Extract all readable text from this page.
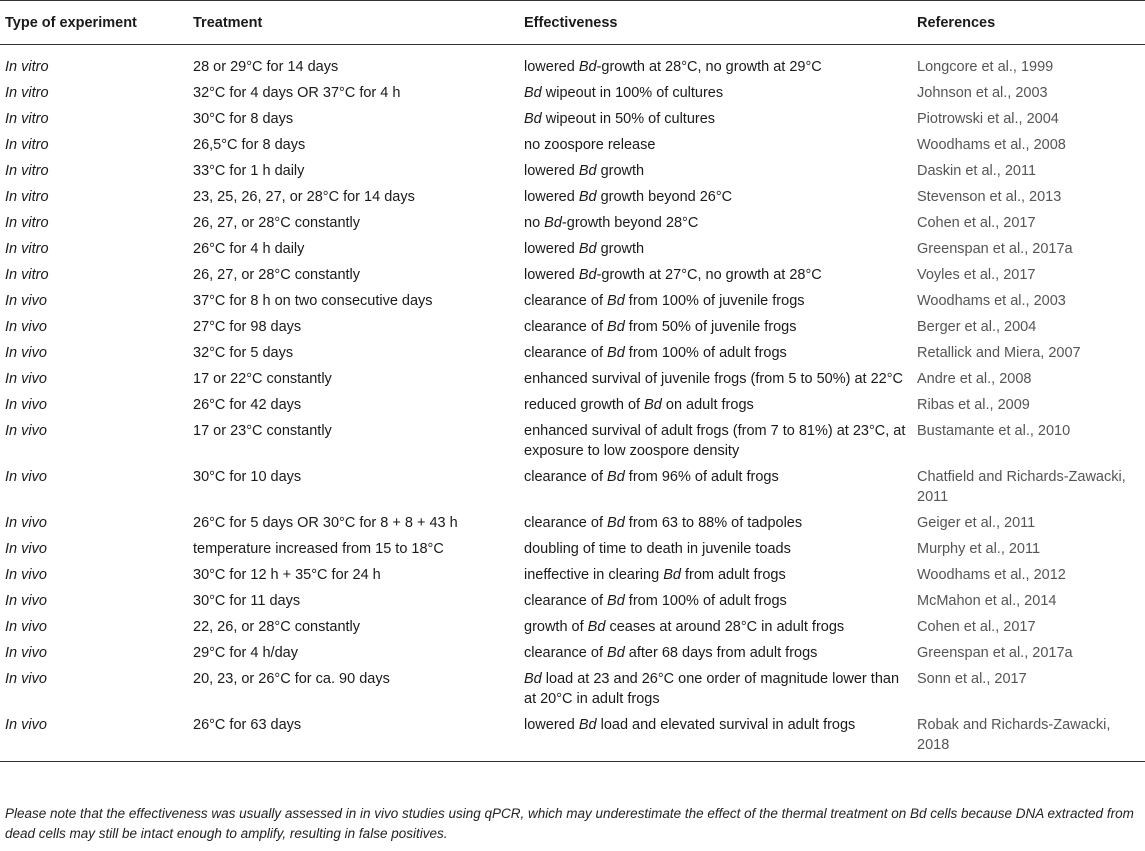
Type of experiment	Treatment	Effectiveness	References
In vitro	28 or 29°C for 14 days	lowered Bd-growth at 28°C, no growth at 29°C	Longcore et al., 1999
In vitro	32°C for 4 days OR 37°C for 4 h	Bd wipeout in 100% of cultures	Johnson et al., 2003
In vitro	30°C for 8 days	Bd wipeout in 50% of cultures	Piotrowski et al., 2004
In vitro	26,5°C for 8 days	no zoospore release	Woodhams et al., 2008
In vitro	33°C for 1 h daily	lowered Bd growth	Daskin et al., 2011
In vitro	23, 25, 26, 27, or 28°C for 14 days	lowered Bd growth beyond 26°C	Stevenson et al., 2013
In vitro	26, 27, or 28°C constantly	no Bd-growth beyond 28°C	Cohen et al., 2017
In vitro	26°C for 4 h daily	lowered Bd growth	Greenspan et al., 2017a
In vitro	26, 27, or 28°C constantly	lowered Bd-growth at 27°C, no growth at 28°C	Voyles et al., 2017
In vivo	37°C for 8 h on two consecutive days	clearance of Bd from 100% of juvenile frogs	Woodhams et al., 2003
In vivo	27°C for 98 days	clearance of Bd from 50% of juvenile frogs	Berger et al., 2004
In vivo	32°C for 5 days	clearance of Bd from 100% of adult frogs	Retallick and Miera, 2007
In vivo	17 or 22°C constantly	enhanced survival of juvenile frogs (from 5 to 50%) at 22°C	Andre et al., 2008
In vivo	26°C for 42 days	reduced growth of Bd on adult frogs	Ribas et al., 2009
In vivo	17 or 23°C constantly	enhanced survival of adult frogs (from 7 to 81%) at 23°C, at exposure to low zoospore density	Bustamante et al., 2010
In vivo	30°C for 10 days	clearance of Bd from 96% of adult frogs	Chatfield and Richards-Zawacki, 2011
In vivo	26°C for 5 days OR 30°C for 8 + 8 + 43 h	clearance of Bd from 63 to 88% of tadpoles	Geiger et al., 2011
In vivo	temperature increased from 15 to 18°C	doubling of time to death in juvenile toads	Murphy et al., 2011
In vivo	30°C for 12 h + 35°C for 24 h	ineffective in clearing Bd from adult frogs	Woodhams et al., 2012
In vivo	30°C for 11 days	clearance of Bd from 100% of adult frogs	McMahon et al., 2014
In vivo	22, 26, or 28°C constantly	growth of Bd ceases at around 28°C in adult frogs	Cohen et al., 2017
In vivo	29°C for 4 h/day	clearance of Bd after 68 days from adult frogs	Greenspan et al., 2017a
In vivo	20, 23, or 26°C for ca. 90 days	Bd load at 23 and 26°C one order of magnitude lower than at 20°C in adult frogs	Sonn et al., 2017
In vivo	26°C for 63 days	lowered Bd load and elevated survival in adult frogs	Robak and Richards-Zawacki, 2018
Please note that the effectiveness was usually assessed in in vivo studies using qPCR, which may underestimate the effect of the thermal treatment on Bd cells because DNA extracted from dead cells may still be intact enough to amplify, resulting in false positives.
